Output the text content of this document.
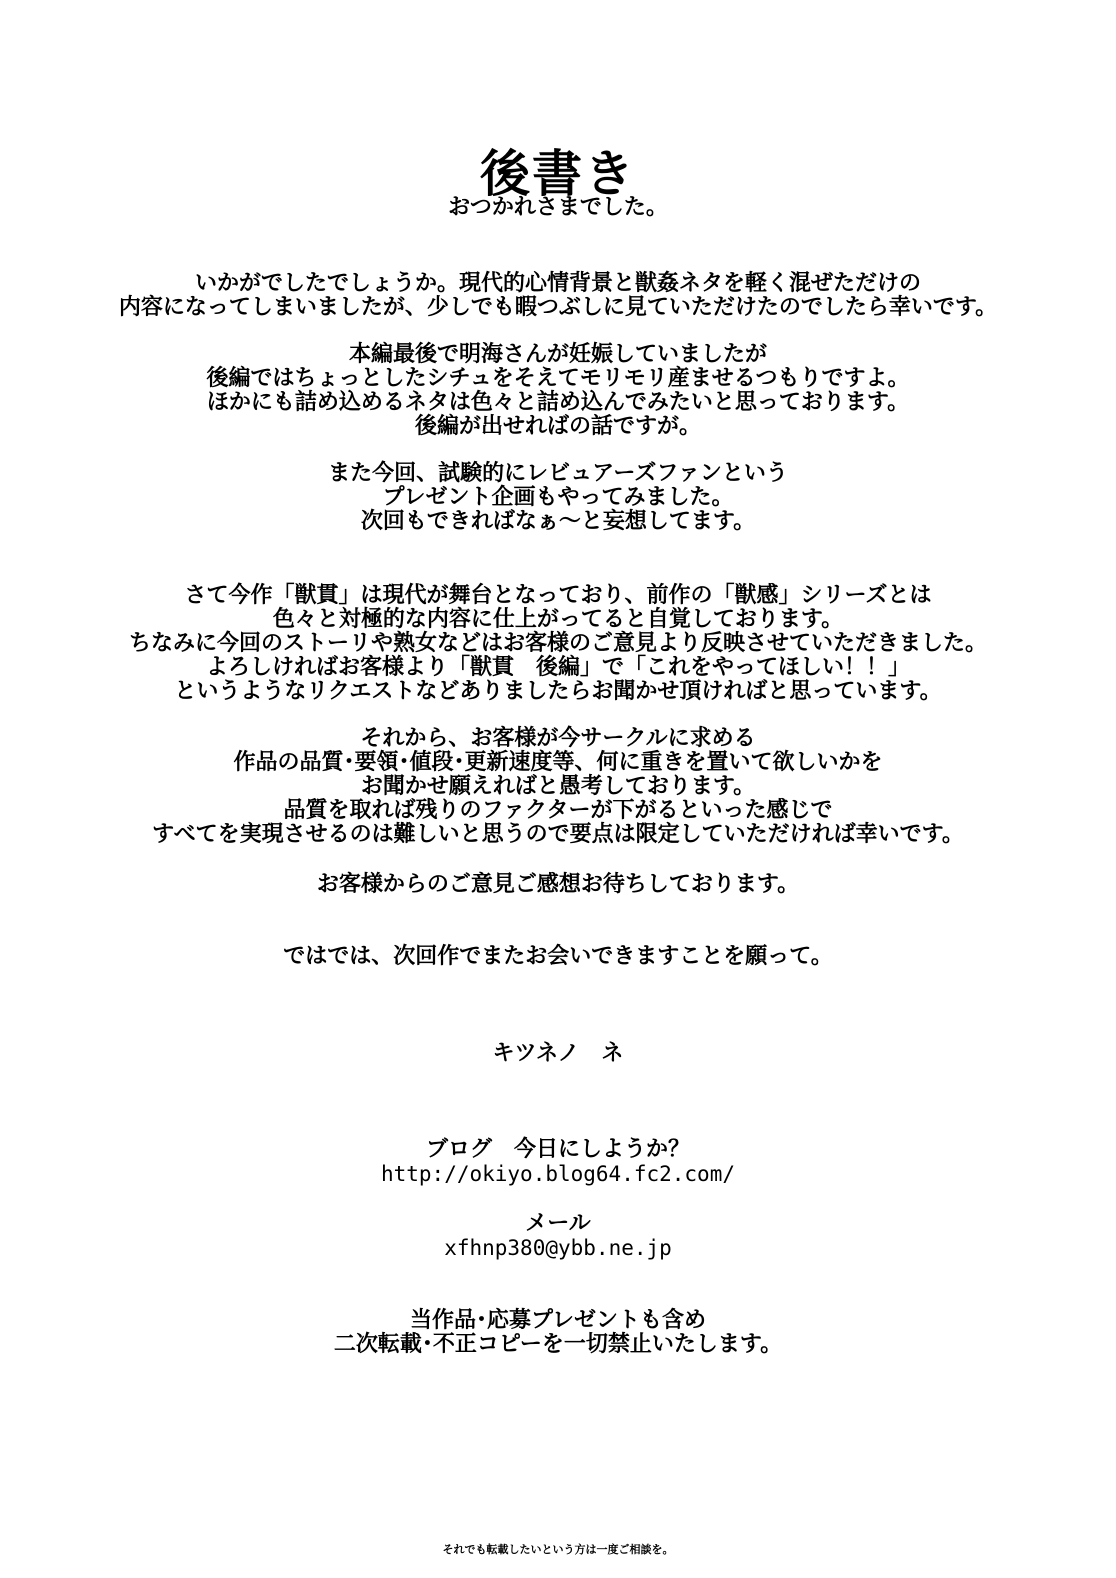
後書き
おつかれさまでした。
いかがでしたでしょうか。現代的心情背景と獣姦ネタを軽く混ぜただけの
内容になってしまいましたが、少しでも暇つぶしに見ていただけたのでしたら幸いです。
本編最後で明海さんが妊娠していましたが
後編ではちょっとしたシチュをそえてモリモリ産ませるつもりですよ。
ほかにも詰め込めるネタは色々と詰め込んでみたいと思っております。
後編が出せればの話ですが。
また今回、試験的にレビュアーズファンという
プレゼント企画もやってみました。
次回もできればなぁ～と妄想してます。
さて今作「獣貫」は現代が舞台となっており、前作の「獣感」シリーズとは
色々と対極的な内容に仕上がってると自覚しております。
ちなみに今回のストーリや熟女などはお客様のご意見より反映させていただきました。
よろしければお客様より「獣貫　後編」で「これをやってほしい！！」
というようなリクエストなどありましたらお聞かせ頂ければと思っています。
それから、お客様が今サークルに求める
作品の品質･要領･値段･更新速度等、何に重きを置いて欲しいかを
お聞かせ願えればと愚考しております。
品質を取れば残りのファクターが下がるといった感じで
すべてを実現させるのは難しいと思うので要点は限定していただければ幸いです。
お客様からのご意見ご感想お待ちしております。
ではでは、次回作でまたお会いできますことを願って。
キツネノ　ネ
ブログ　今日にしようか？
http://okiyo.blog64.fc2.com/
メール
xfhnp380@ybb.ne.jp
当作品･応募プレゼントも含め
二次転載･不正コピーを一切禁止いたします。
それでも転載したいという方は一度ご相談を。
